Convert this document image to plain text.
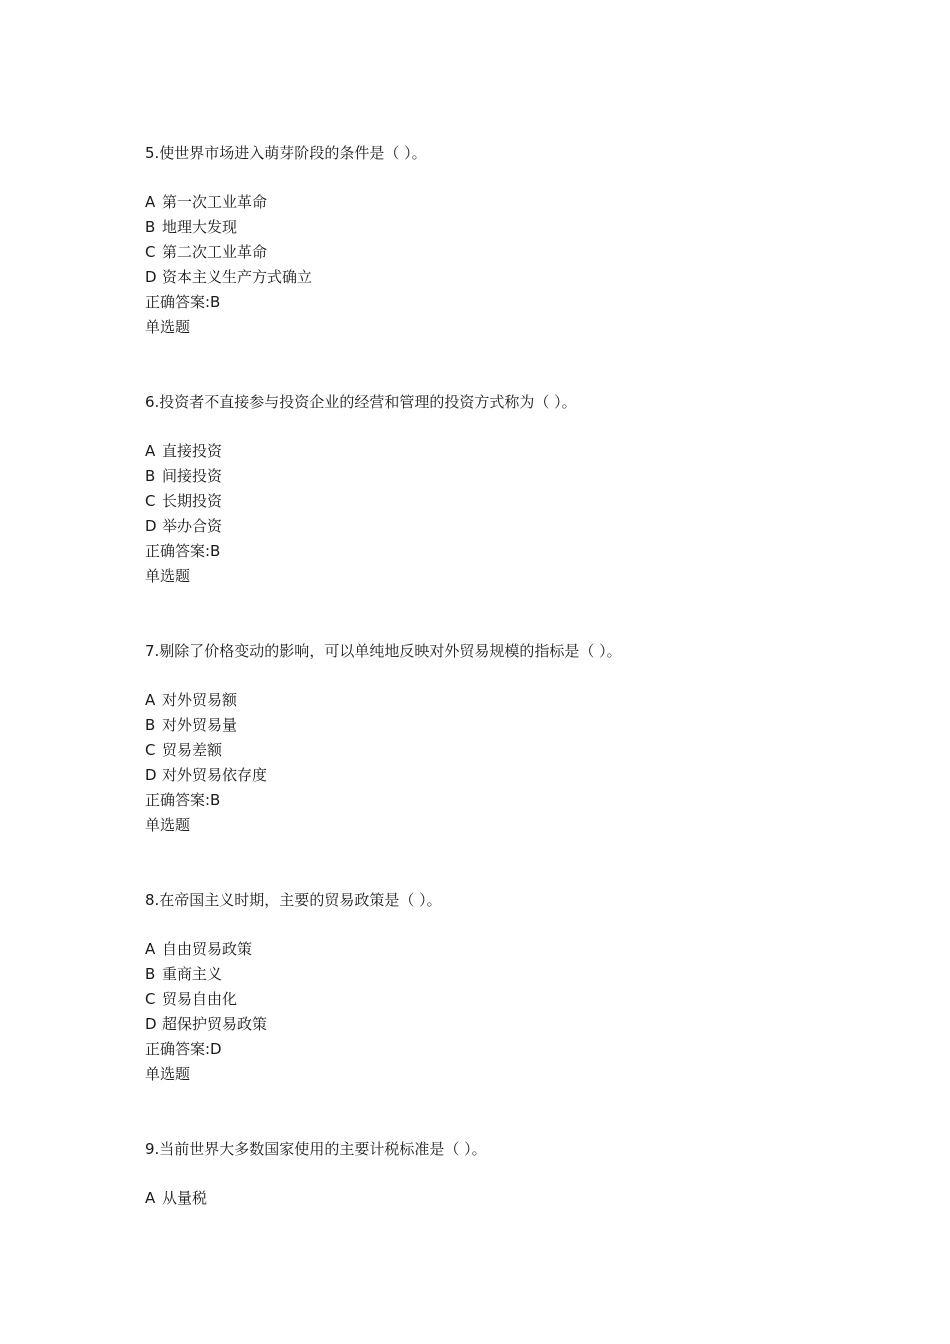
5.使世界市场进入萌芽阶段的条件是（ ）。
A 第一次工业革命
B 地理大发现
C 第二次工业革命
D 资本主义生产方式确立
正确答案:B
单选题
6.投资者不直接参与投资企业的经营和管理的投资方式称为（ ）。
A 直接投资
B 间接投资
C 长期投资
D 举办合资
正确答案:B
单选题
7.剔除了价格变动的影响，可以单纯地反映对外贸易规模的指标是（ ）。
A 对外贸易额
B 对外贸易量
C 贸易差额
D 对外贸易依存度
正确答案:B
单选题
8.在帝国主义时期，主要的贸易政策是（ ）。
A 自由贸易政策
B 重商主义
C 贸易自由化
D 超保护贸易政策
正确答案:D
单选题
9.当前世界大多数国家使用的主要计税标准是（ ）。
A 从量税
